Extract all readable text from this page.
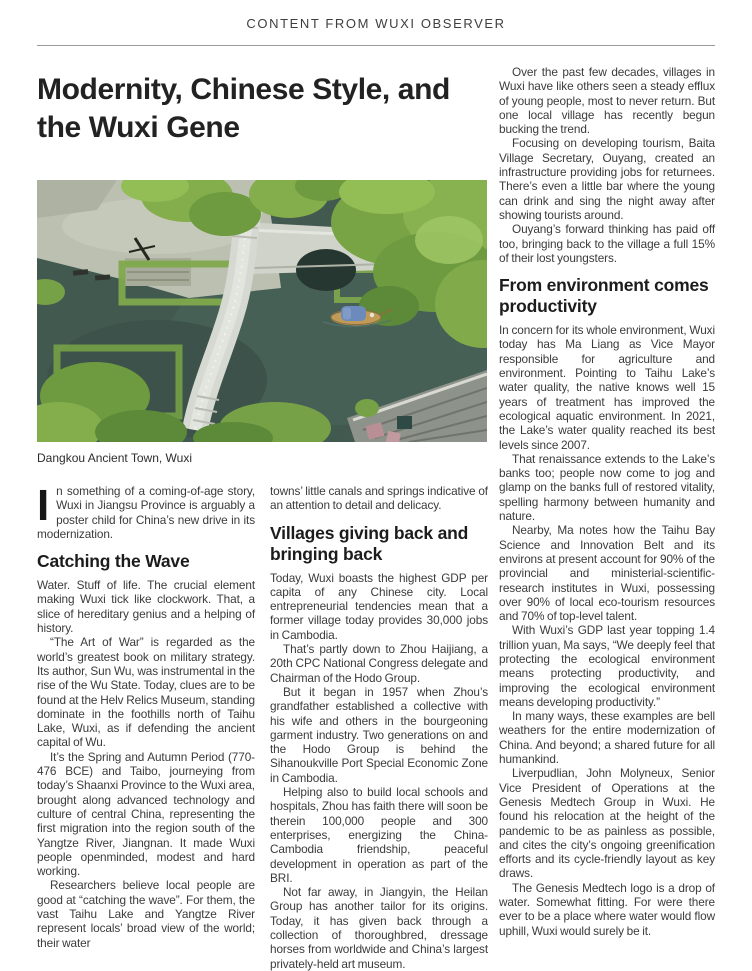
CONTENT FROM WUXI OBSERVER
Modernity, Chinese Style, and the Wuxi Gene
Dangkou Ancient Town, Wuxi

In something of a coming-of-age story, Wuxi in Jiangsu Province is arguably a poster child for China’s new drive in its modernization.

Catching the Wave

Water. Stuff of life. The crucial element making Wuxi tick like clockwork. That, a slice of hereditary genius and a helping of history.

“The Art of War” is regarded as the world’s greatest book on military strategy. Its author, Sun Wu, was instrumental in the rise of the Wu State. Today, clues are to be found at the Helv Relics Museum, standing dominate in the foothills north of Taihu Lake, Wuxi, as if defending the ancient capital of Wu.

It’s the Spring and Autumn Period (770-476 BCE) and Taibo, journeying from today’s Shaanxi Province to the Wuxi area, brought along advanced technology and culture of central China, representing the first migration into the region south of the Yangtze River, Jiangnan. It made Wuxi people openminded, modest and hard working.

Researchers believe local people are good at “catching the wave”. For them, the vast Taihu Lake and Yangtze River represent locals’ broad view of the world; their water

towns’ little canals and springs indicative of an attention to detail and delicacy.

Villages giving back and bringing back

Today, Wuxi boasts the highest GDP per capita of any Chinese city. Local entrepreneurial tendencies mean that a former village today provides 30,000 jobs in Cambodia.

That’s partly down to Zhou Haijiang, a 20th CPC National Congress delegate and Chairman of the Hodo Group.

But it began in 1957 when Zhou’s grandfather established a collective with his wife and others in the bourgeoning garment industry. Two generations on and the Hodo Group is behind the Sihanoukville Port Special Economic Zone in Cambodia.

Helping also to build local schools and hospitals, Zhou has faith there will soon be therein 100,000 people and 300 enterprises, energizing the China-Cambodia friendship, peaceful development in operation as part of the BRI.

Not far away, in Jiangyin, the Heilan Group has another tailor for its origins. Today, it has given back through a collection of thoroughbred, dressage horses from worldwide and China’s largest privately-held art museum.

Over the past few decades, villages in Wuxi have like others seen a steady efflux of young people, most to never return. But one local village has recently begun bucking the trend.

Focusing on developing tourism, Baita Village Secretary, Ouyang, created an infrastructure providing jobs for returnees. There’s even a little bar where the young can drink and sing the night away after showing tourists around.

Ouyang’s forward thinking has paid off too, bringing back to the village a full 15% of their lost youngsters.

From environment comes productivity

In concern for its whole environment, Wuxi today has Ma Liang as Vice Mayor responsible for agriculture and environment. Pointing to Taihu Lake’s water quality, the native knows well 15 years of treatment has improved the ecological aquatic environment. In 2021, the Lake’s water quality reached its best levels since 2007.

That renaissance extends to the Lake’s banks too; people now come to jog and glamp on the banks full of restored vitality, spelling harmony between humanity and nature.

Nearby, Ma notes how the Taihu Bay Science and Innovation Belt and its environs at present account for 90% of the provincial and ministerial-scientific-research institutes in Wuxi, possessing over 90% of local eco-tourism resources and 70% of top-level talent.

With Wuxi’s GDP last year topping 1.4 trillion yuan, Ma says, “We deeply feel that protecting the ecological environment means protecting productivity, and improving the ecological environment means developing productivity.”

In many ways, these examples are bell weathers for the entire modernization of China. And beyond; a shared future for all humankind.

Liverpudlian, John Molyneux, Senior Vice President of Operations at the Genesis Medtech Group in Wuxi. He found his relocation at the height of the pandemic to be as painless as possible, and cites the city’s ongoing greenification efforts and its cycle-friendly layout as key draws.

The Genesis Medtech logo is a drop of water. Somewhat fitting. For were there ever to be a place where water would flow uphill, Wuxi would surely be it.
